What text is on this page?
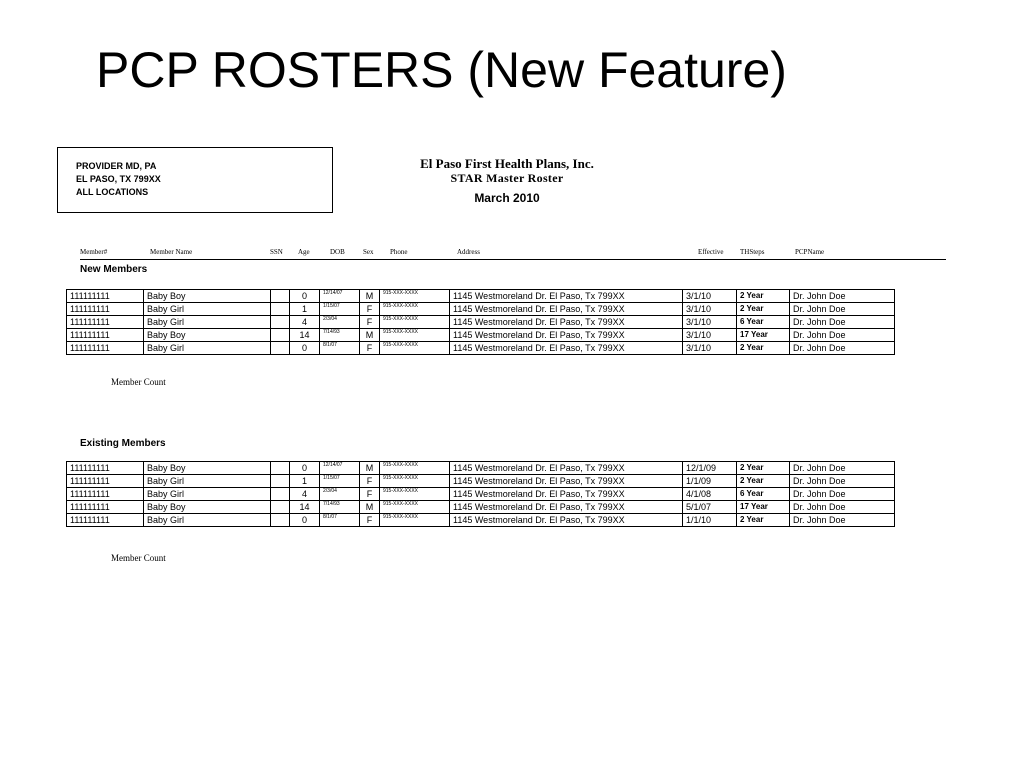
PCP ROSTERS (New Feature)
PROVIDER MD, PA
EL PASO, TX 799XX
ALL LOCATIONS
El Paso First Health Plans, Inc.
STAR Master Roster
March 2010
Member#	Member Name	SSN Age	DOB	Sex Phone	Address	Effective THSteps	PCPName
New Members
111111111	Baby Boy		0	12/14/07	M	915-XXX-XXXX	1145 Westmoreland Dr. El Paso, Tx 799XX	3/1/10	2 Year	Dr. John Doe
111111111	Baby Girl		1	1/15/07	F	915-XXX-XXXX	1145 Westmoreland Dr. El Paso, Tx 799XX	3/1/10	2 Year	Dr. John Doe
111111111	Baby Girl		4	2/3/04	F	915-XXX-XXXX	1145 Westmoreland Dr. El Paso, Tx 799XX	3/1/10	6 Year	Dr. John Doe
111111111	Baby Boy		14	7/14/93	M	915-XXX-XXXX	1145 Westmoreland Dr. El Paso, Tx 799XX	3/1/10	17 Year	Dr. John Doe
111111111	Baby Girl		0	8/1/07	F	915-XXX-XXXX	1145 Westmoreland Dr. El Paso, Tx 799XX	3/1/10	2 Year	Dr. John Doe
Member Count
Existing Members
111111111	Baby Boy		0	12/14/07	M	915-XXX-XXXX	1145 Westmoreland Dr. El Paso, Tx 799XX	12/1/09	2 Year	Dr. John Doe
111111111	Baby Girl		1	1/15/07	F	915-XXX-XXXX	1145 Westmoreland Dr. El Paso, Tx 799XX	1/1/09	2 Year	Dr. John Doe
111111111	Baby Girl		4	2/3/04	F	915-XXX-XXXX	1145 Westmoreland Dr. El Paso, Tx 799XX	4/1/08	6 Year	Dr. John Doe
111111111	Baby Boy		14	7/14/93	M	915-XXX-XXXX	1145 Westmoreland Dr. El Paso, Tx 799XX	5/1/07	17 Year	Dr. John Doe
111111111	Baby Girl		0	8/1/07	F	915-XXX-XXXX	1145 Westmoreland Dr. El Paso, Tx 799XX	1/1/10	2 Year	Dr. John Doe
Member Count
